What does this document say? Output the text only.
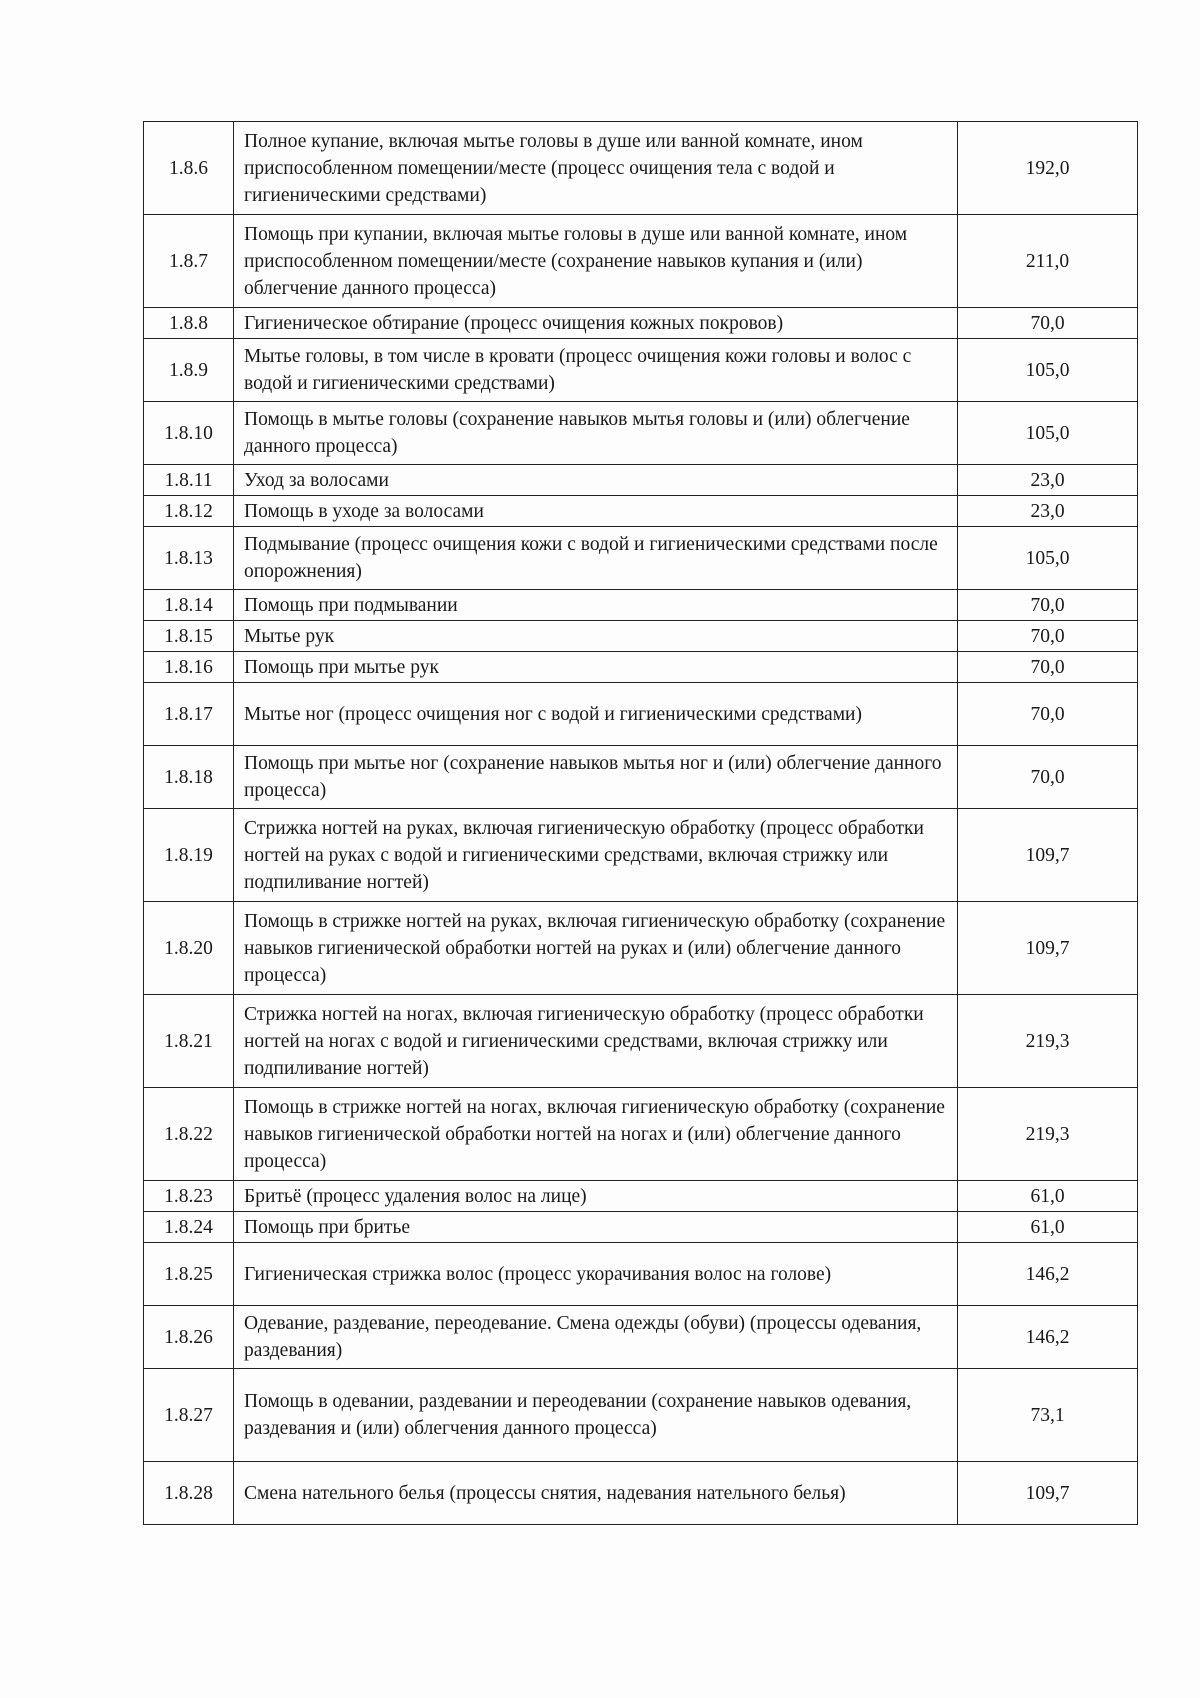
1.8.6	Полное купание, включая мытье головы в душе или ванной комнате, ином приспособленном помещении/месте (процесс очищения тела с водой и гигиеническими средствами)	192,0
1.8.7	Помощь при купании, включая мытье головы в душе или ванной комнате, ином приспособленном помещении/месте (сохранение навыков купания и (или) облегчение данного процесса)	211,0
1.8.8	Гигиеническое обтирание (процесс очищения кожных покровов)	70,0
1.8.9	Мытье головы, в том числе в кровати (процесс очищения кожи головы и волос с водой и гигиеническими средствами)	105,0
1.8.10	Помощь в мытье головы (сохранение навыков мытья головы и (или) облегчение данного процесса)	105,0
1.8.11	Уход за волосами	23,0
1.8.12	Помощь в уходе за волосами	23,0
1.8.13	Подмывание (процесс очищения кожи с водой и гигиеническими средствами после опорожнения)	105,0
1.8.14	Помощь при подмывании	70,0
1.8.15	Мытье рук	70,0
1.8.16	Помощь при мытье рук	70,0
1.8.17	Мытье ног (процесс очищения ног с водой и гигиеническими средствами)	70,0
1.8.18	Помощь при мытье ног (сохранение навыков мытья ног и (или) облегчение данного процесса)	70,0
1.8.19	Стрижка ногтей на руках, включая гигиеническую обработку (процесс обработки ногтей на руках с водой и гигиеническими средствами, включая стрижку или подпиливание ногтей)	109,7
1.8.20	Помощь в стрижке ногтей на руках, включая гигиеническую обработку (сохранение навыков гигиенической обработки ногтей на руках и (или) облегчение данного процесса)	109,7
1.8.21	Стрижка ногтей на ногах, включая гигиеническую обработку (процесс обработки ногтей на ногах с водой и гигиеническими средствами, включая стрижку или подпиливание ногтей)	219,3
1.8.22	Помощь в стрижке ногтей на ногах, включая гигиеническую обработку (сохранение навыков гигиенической обработки ногтей на ногах и (или) облегчение данного процесса)	219,3
1.8.23	Бритьё (процесс удаления волос на лице)	61,0
1.8.24	Помощь при бритье	61,0
1.8.25	Гигиеническая стрижка волос (процесс укорачивания волос на голове)	146,2
1.8.26	Одевание, раздевание, переодевание. Смена одежды (обуви) (процессы одевания, раздевания)	146,2
1.8.27	Помощь в одевании, раздевании и переодевании (сохранение навыков одевания, раздевания и (или) облегчения данного процесса)	73,1
1.8.28	Смена нательного белья (процессы снятия, надевания нательного белья)	109,7
